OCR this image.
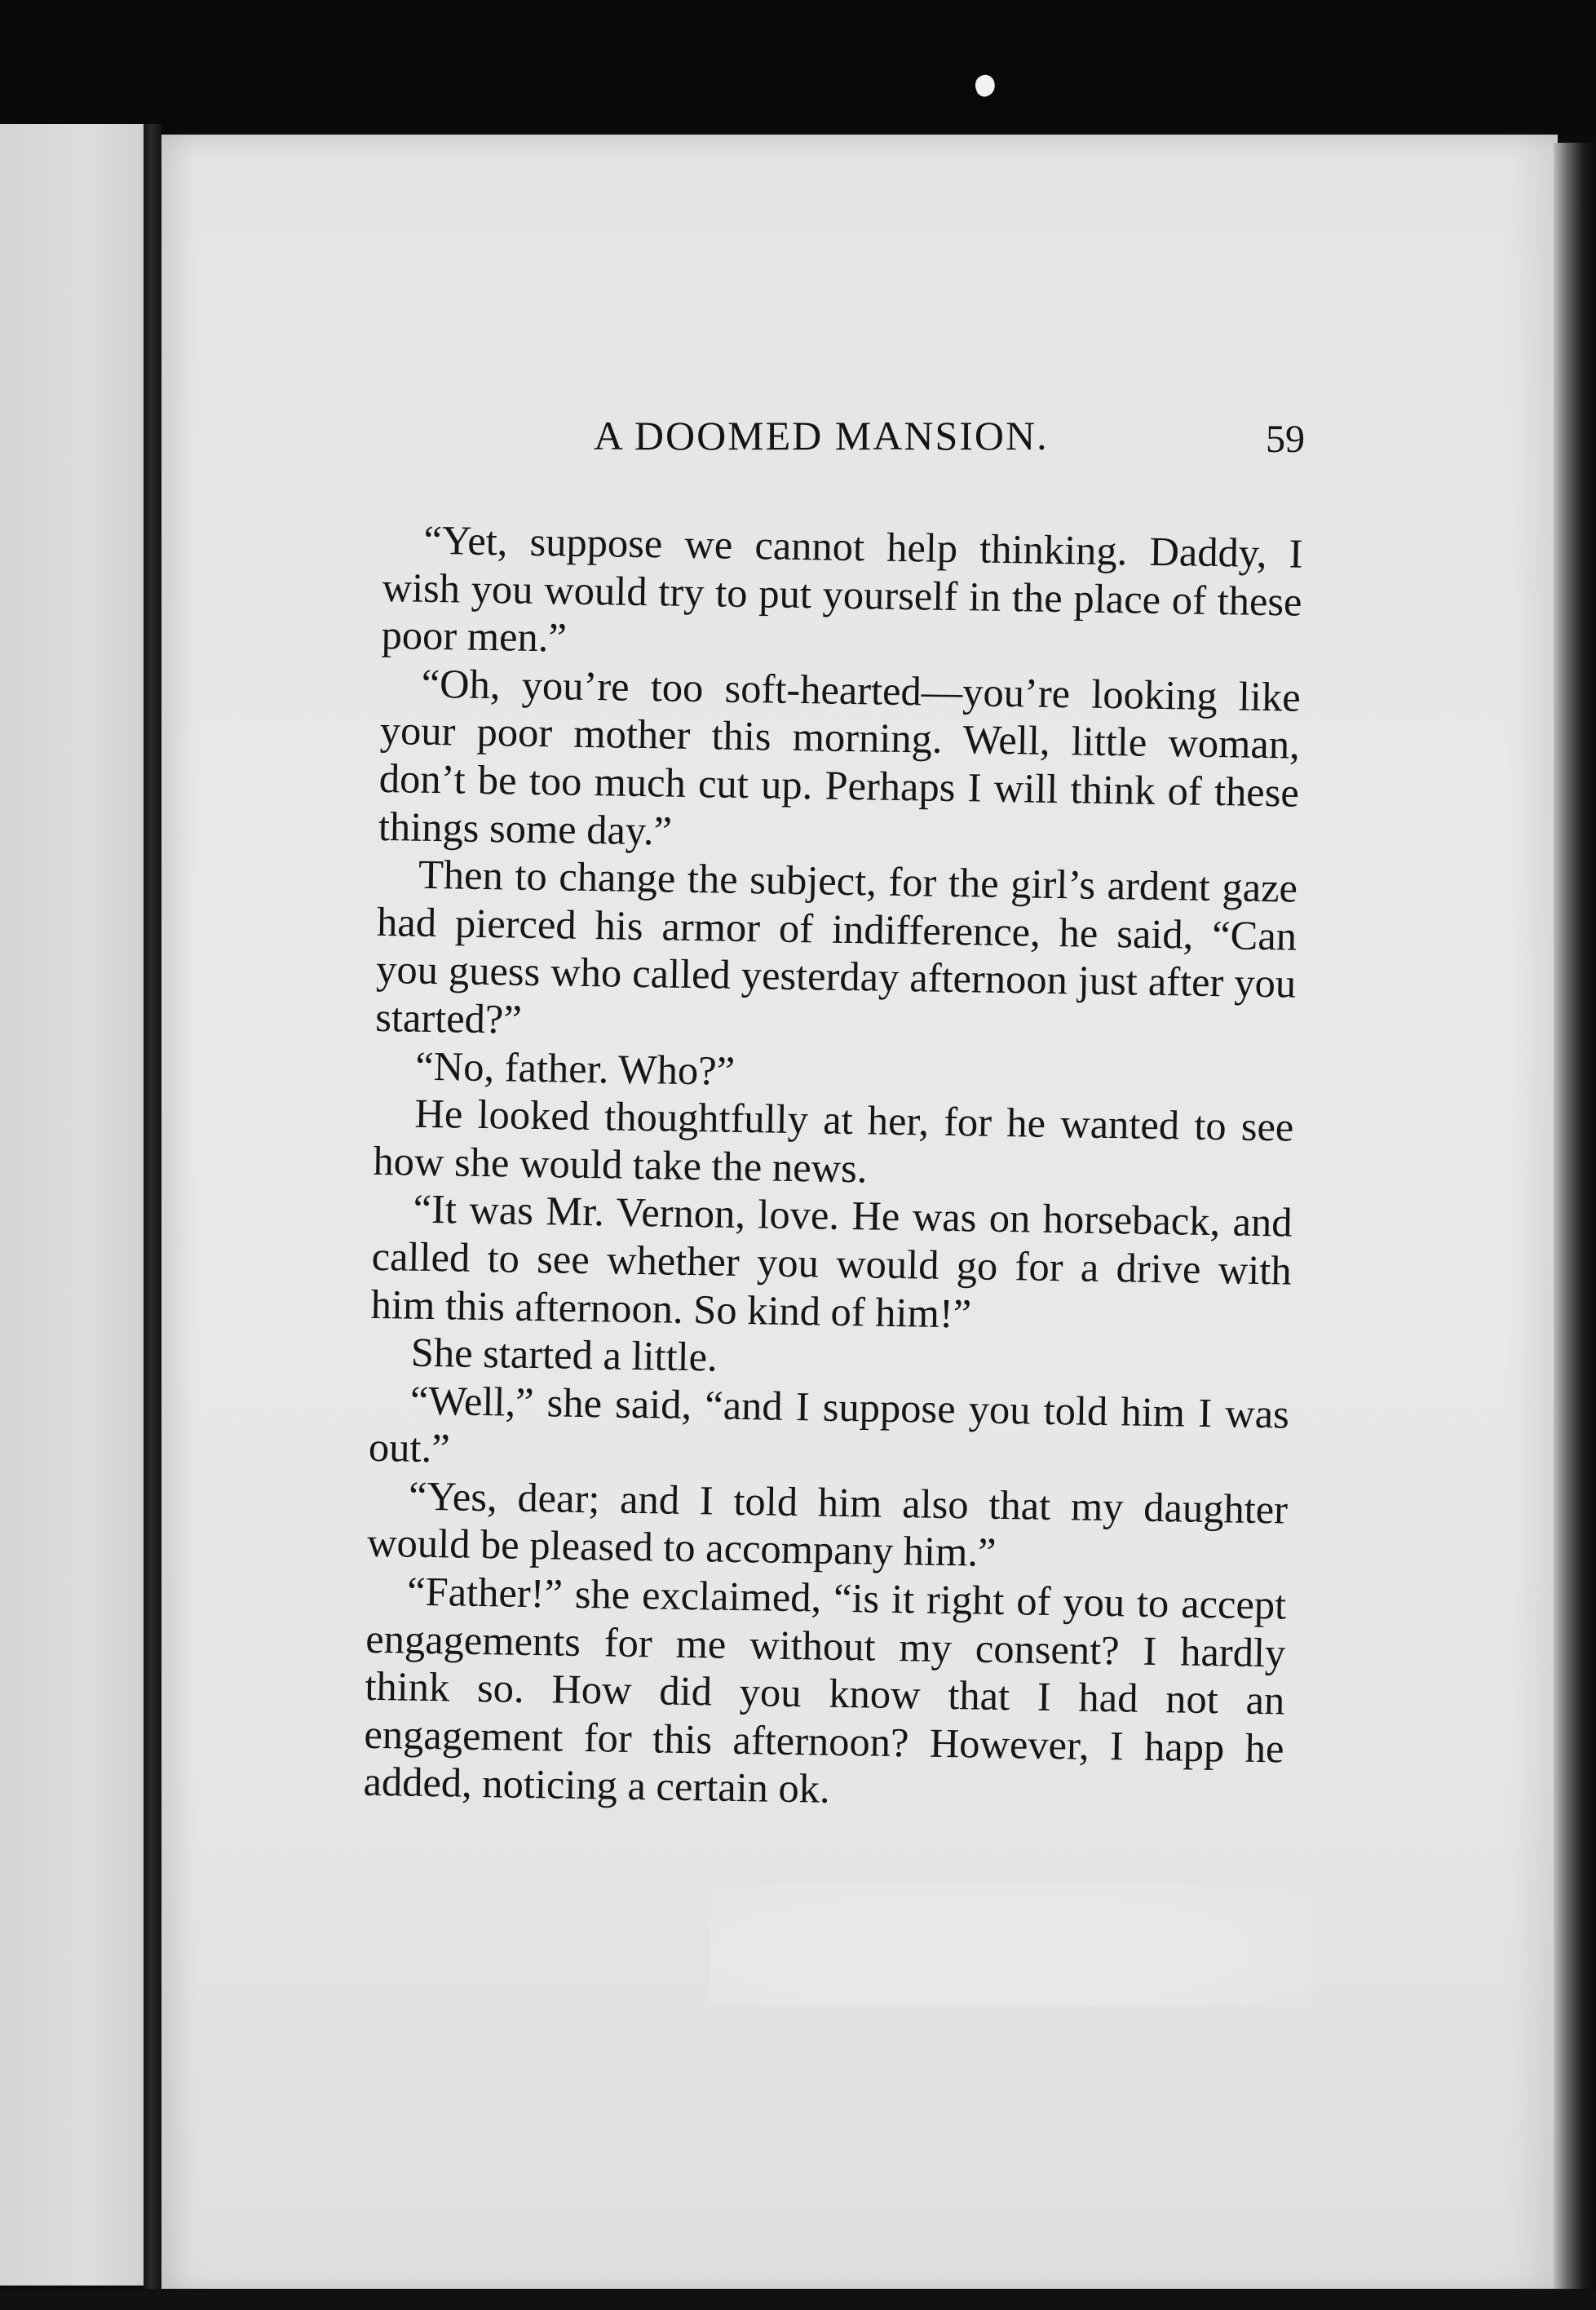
A DOOMED MANSION.	59

“Yet, suppose we cannot help thinking. Daddy, I wish you would try to put yourself in the place of these poor men.”

“Oh, you’re too soft-hearted—you’re looking like your poor mother this morning. Well, little woman, don’t be too much cut up. Perhaps I will think of these things some day.”

Then to change the subject, for the girl’s ardent gaze had pierced his armor of indifference, he said, “Can you guess who called yesterday afternoon just after you started?”

“No, father. Who?”

He looked thoughtfully at her, for he wanted to see how she would take the news.

“It was Mr. Vernon, love. He was on horseback, and called to see whether you would go for a drive with him this afternoon. So kind of him!”

She started a little.

“Well,” she said, “and I suppose you told him I was out.”

“Yes, dear; and I told him also that my daughter would be pleased to accompany him.”

“Father!” she exclaimed, “is it right of you to accept engagements for me without my consent? I hardly think so. How did you know that I had not an engagement for this afternoon? However, I happ he added, noticing a certain ok.
